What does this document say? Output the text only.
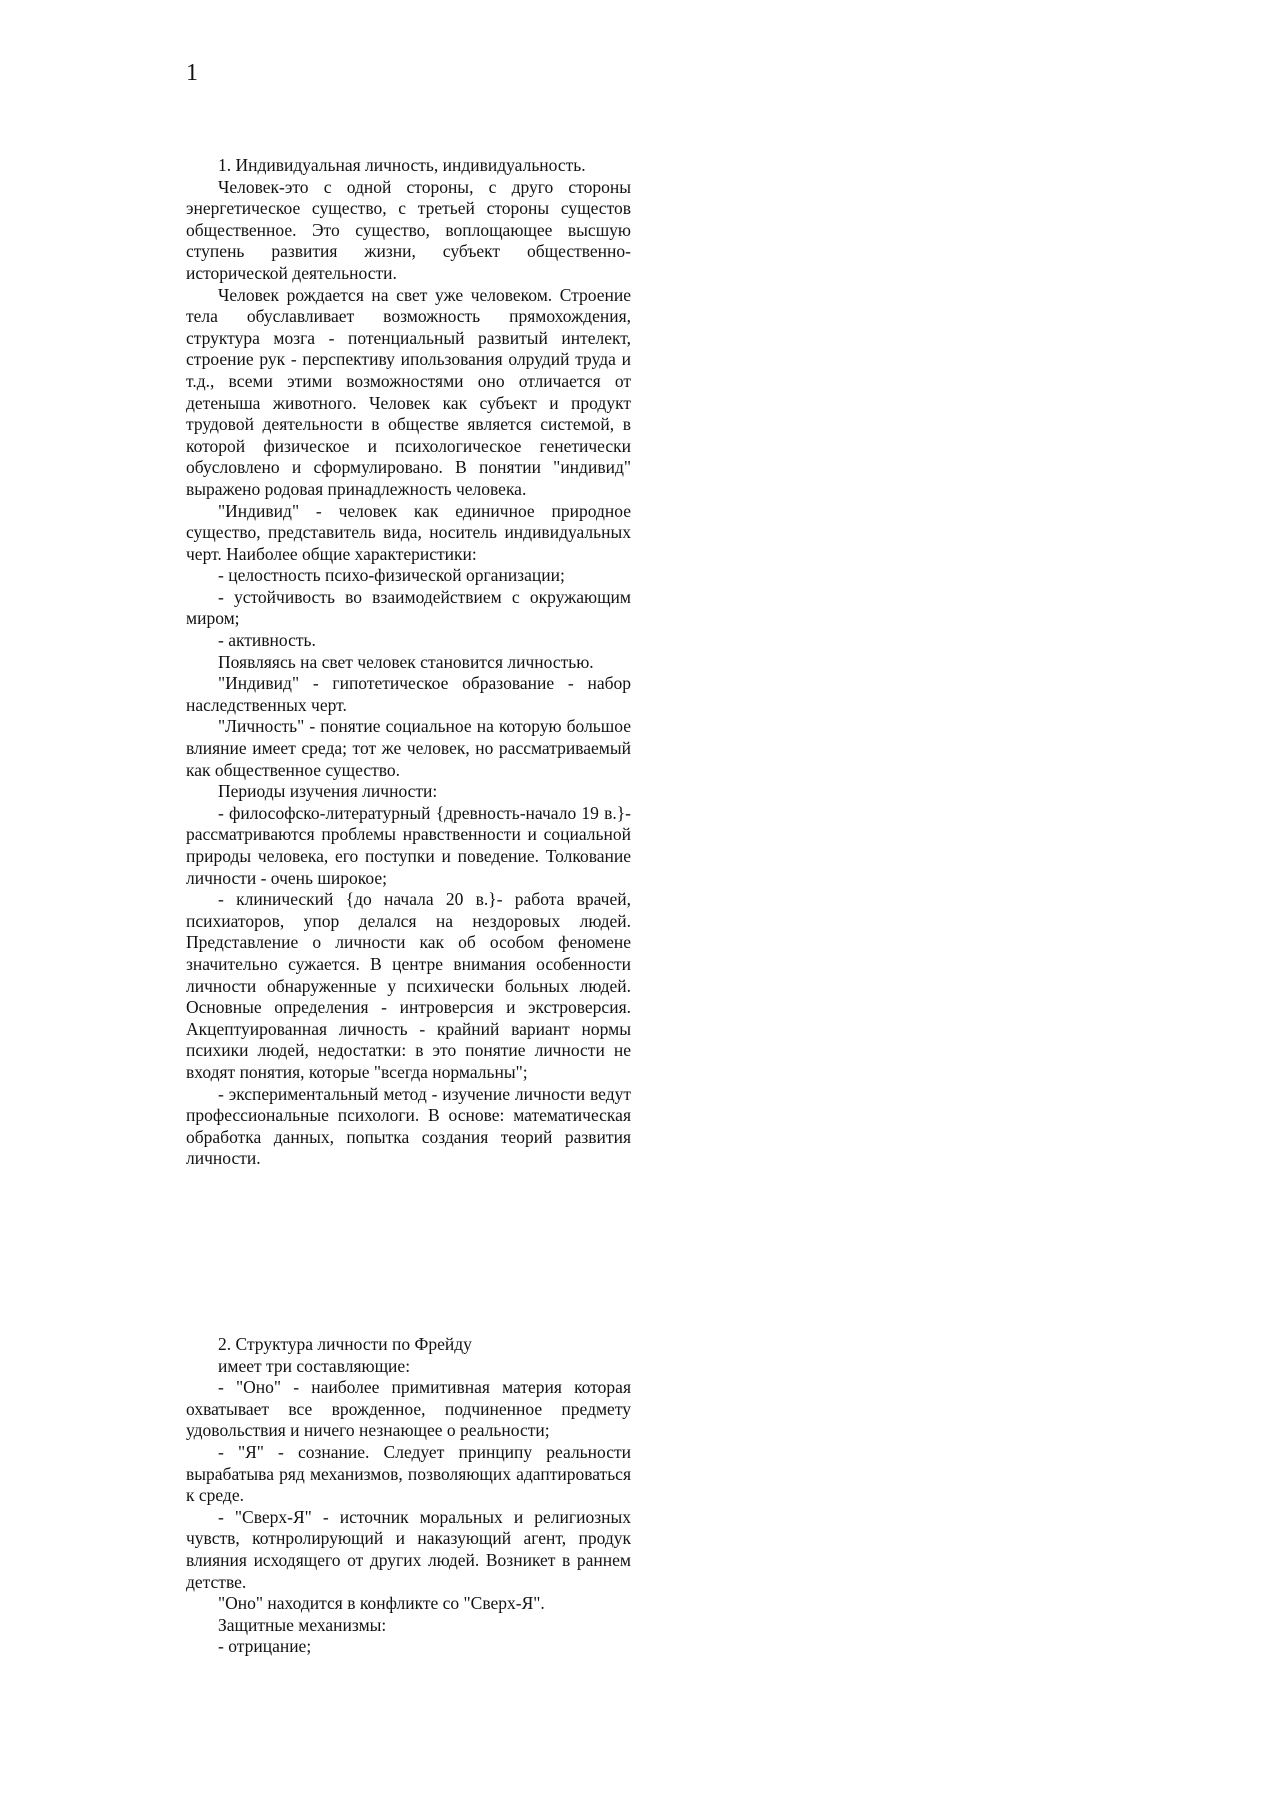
1

1. Индивидуальная личность, индивидуальность.

Человек-это с одной стороны, с друго стороны энергетическое существо, с третьей стороны сущестов общественное. Это существо, воплощающее высшую ступень развития жизни, субъект общественно-исторической деятельности.

Человек рождается на свет уже человеком. Строение тела обуславливает возможность прямохождения, структура мозга - потенциальный развитый интелект, строение рук - перспективу ипользования олрудий труда и т.д., всеми этими возможностями оно отличается от детеныша животного. Человек как субъект и продукт трудовой деятельности в обществе является системой, в которой физическое и психологическое генетически обусловлено и сформулировано. В понятии "индивид" выражено родовая принадлежность человека.

"Индивид" - человек как единичное природное существо, представитель вида, носитель индивидуальных черт. Наиболее общие характеристики:

- целостность психо-физической организации;

- устойчивость во взаимодействием с окружающим миром;

- активность.

Появляясь на свет человек становится личностью.

"Индивид" - гипотетическое образование - набор наследственных черт.

"Личность" - понятие социальное на которую большое влияние имеет среда; тот же человек, но рассматриваемый как общественное существо.

Периоды изучения личности:

- философско-литературный {древность-начало 19 в.}- рассматриваются проблемы нравственности и социальной природы человека, его поступки и поведение. Толкование личности - очень широкое;

- клинический {до начала 20 в.}- работа врачей, психиаторов, упор делался на нездоровых людей. Представление о личности как об особом феномене значительно сужается. В центре внимания особенности личности обнаруженные у психически больных людей. Основные определения - интроверсия и экстроверсия. Акцептуированная личность - крайний вариант нормы психики людей, недостатки: в это понятие личности не входят понятия, которые "всегда нормальны";

- экспериментальный метод - изучение личности ведут профессиональные психологи. В основе: математическая обработка данных, попытка создания теорий развития личности.

2. Структура личности по Фрейду

имеет три составляющие:

- "Оно" - наиболее примитивная материя которая охватывает все врожденное, подчиненное предмету удовольствия и ничего незнающее о реальности;

- "Я" - сознание. Следует принципу реальности вырабатыва ряд механизмов, позволяющих адаптироваться к среде.

- "Сверх-Я" - источник моральных и религиозных чувств, котнролирующий и наказующий агент, продук влияния исходящего от других людей. Возникет в раннем детстве.

"Оно" находится в конфликте со "Сверх-Я".

Защитные механизмы:

- отрицание;
